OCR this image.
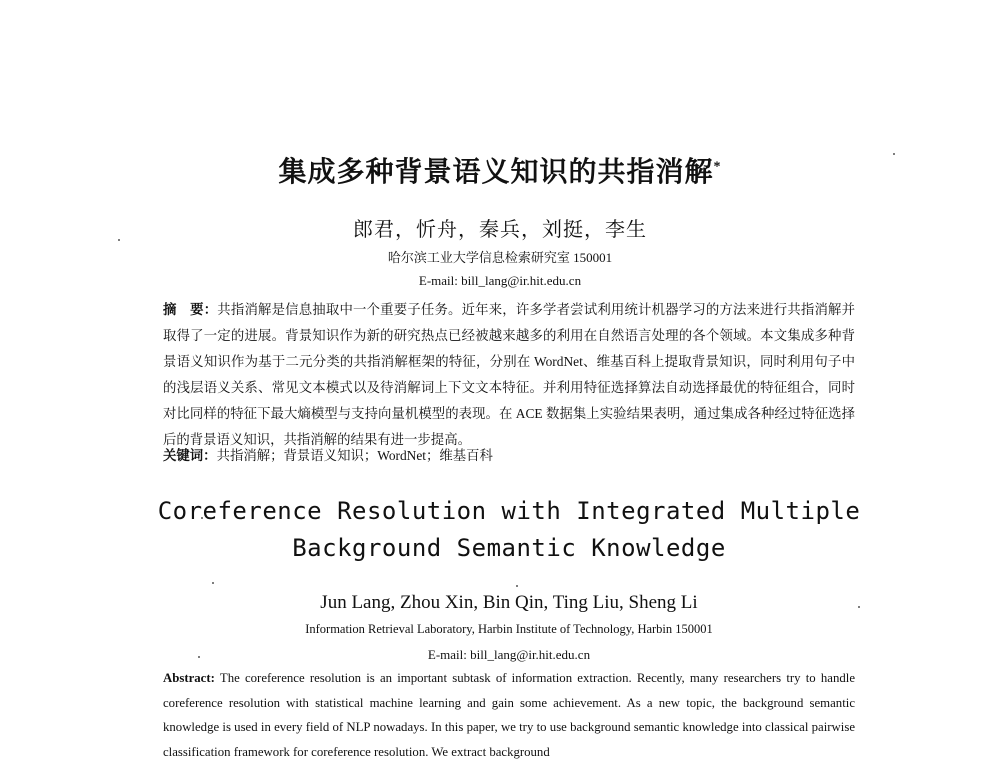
集成多种背景语义知识的共指消解*
郎君，忻舟，秦兵，刘挺，李生
哈尔滨工业大学信息检索研究室 150001
E-mail: bill_lang@ir.hit.edu.cn
摘　要：共指消解是信息抽取中一个重要子任务。近年来，许多学者尝试利用统计机器学习的方法来进行共指消解并取得了一定的进展。背景知识作为新的研究热点已经被越来越多的利用在自然语言处理的各个领域。本文集成多种背景语义知识作为基于二元分类的共指消解框架的特征，分别在 WordNet、维基百科上提取背景知识，同时利用句子中的浅层语义关系、常见文本模式以及待消解词上下文文本特征。并利用特征选择算法自动选择最优的特征组合，同时对比同样的特征下最大熵模型与支持向量机模型的表现。在 ACE 数据集上实验结果表明，通过集成各种经过特征选择后的背景语义知识，共指消解的结果有进一步提高。
关键词：共指消解；背景语义知识；WordNet；维基百科
Coreference Resolution with Integrated Multiple
Background Semantic Knowledge
Jun Lang, Zhou Xin, Bin Qin, Ting Liu, Sheng Li
Information Retrieval Laboratory, Harbin Institute of Technology, Harbin 150001
E-mail: bill_lang@ir.hit.edu.cn
Abstract: The coreference resolution is an important subtask of information extraction. Recently, many researchers try to handle coreference resolution with statistical machine learning and gain some achievement. As a new topic, the background semantic knowledge is used in every field of NLP nowadays. In this paper, we try to use background semantic knowledge into classical pairwise classification framework for coreference resolution. We extract background
